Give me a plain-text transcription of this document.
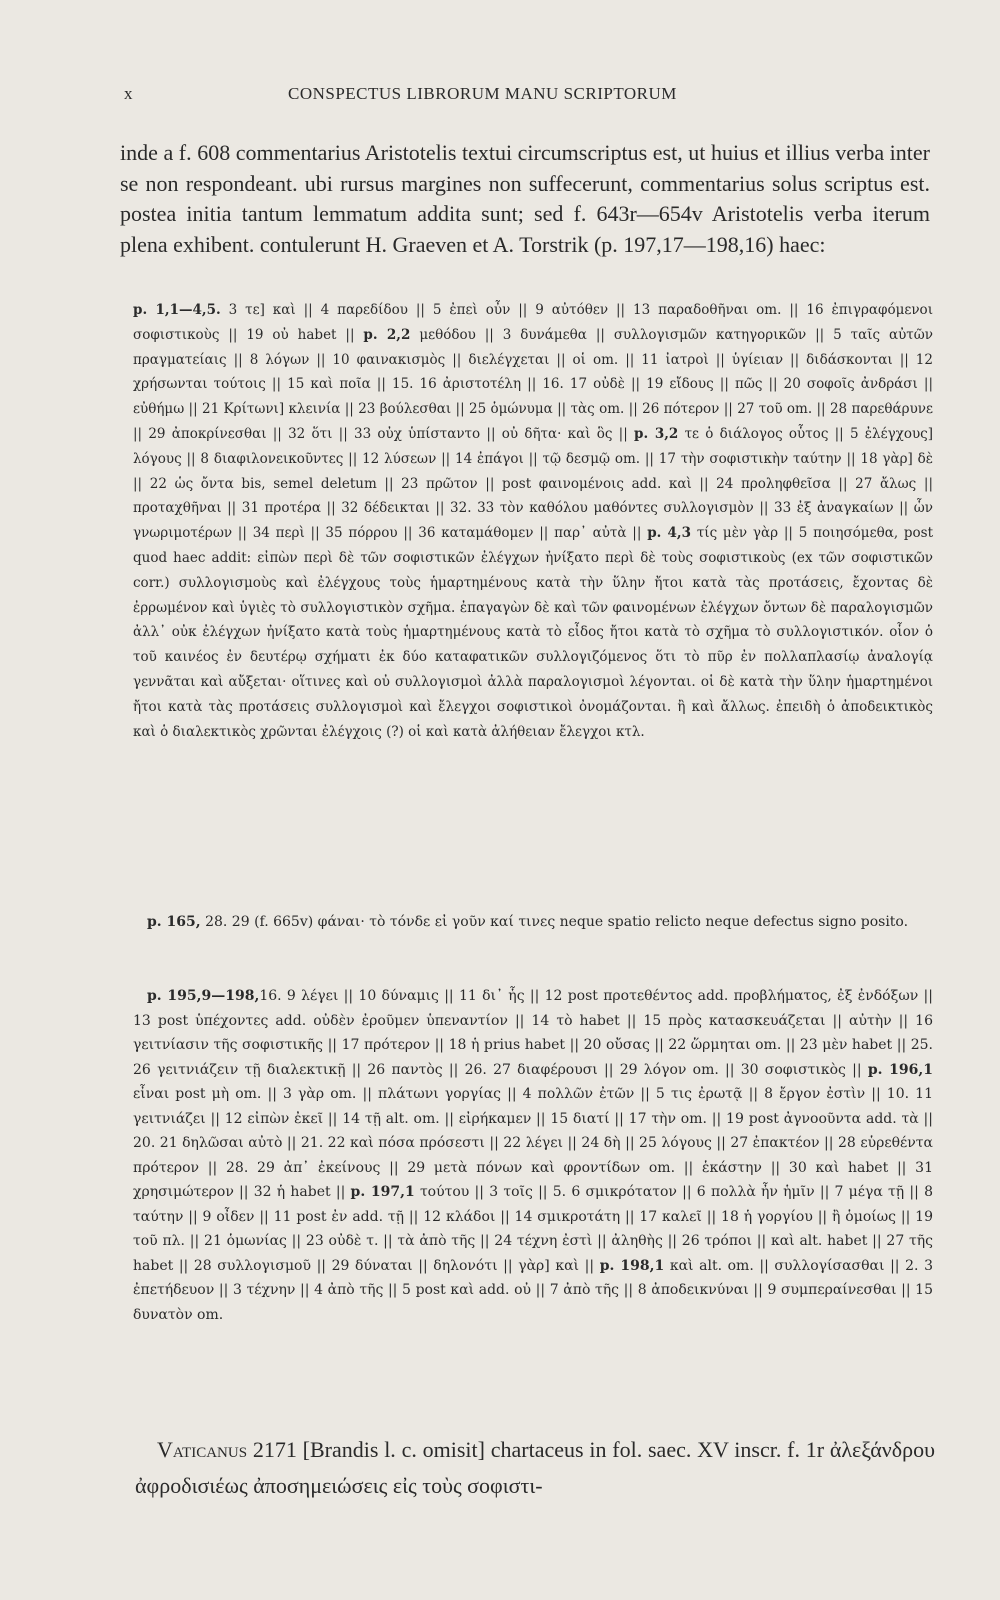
x	CONSPECTUS LIBRORUM MANU SCRIPTORUM
inde a f. 608 commentarius Aristotelis textui circumscriptus est, ut huius et illius verba inter se non respondeant. ubi rursus margines non suffecerunt, commentarius solus scriptus est. postea initia tantum lemmatum addita sunt; sed f. 643r—654v Aristotelis verba iterum plena exhibent. contulerunt H. Graeven et A. Torstrik (p. 197,17—198,16) haec:

p. 1,1—4,5. 3 τε] καὶ || 4 παρεδίδου || 5 ἐπεὶ οὖν || 9 αὐτόθεν || 13 παραδοθῆναι om. || 16 ἐπιγραφόμενοι σοφιστικοὺς || 19 οὐ habet || p. 2,2 μεθόδου || 3 δυνάμεθα || συλλογισμῶν κατηγορικῶν || 5 ταῖς αὐτῶν πραγματείαις || 8 λόγων || 10 φαινακισμὸς || διελέγχεται || οἱ om. || 11 ἰατροὶ || ὑγίειαν || διδάσκονται || 12 χρήσωνται τούτοις || 15 καὶ ποῖα || 15. 16 ἀριστοτέλη || 16. 17 οὐδὲ || 19 εἴδους || πῶς || 20 σοφοῖς ἀνδράσι || εὐθήμω || 21 Κρίτωνι] κλεινία || 23 βούλεσθαι || 25 ὁμώνυμα || τὰς om. || 26 πότερον || 27 τοῦ om. || 28 παρεθάρυνε || 29 ἀποκρίνεσθαι || 32 ὅτι || 33 οὐχ ὑπίσταντο || οὐ δῆτα· καὶ ὃς || p. 3,2 τε ὁ διάλογος οὗτος || 5 ἐλέγχους] λόγους || 8 διαφιλονεικοῦντες || 12 λύσεων || 14 ἐπάγοι || τῷ δεσμῷ om. || 17 τὴν σοφιστικὴν ταύτην || 18 γὰρ] δὲ || 22 ὡς ὄντα bis, semel deletum || 23 πρῶτον || post φαινομένοις add. καὶ || 24 προληφθεῖσα || 27 ἄλως || προταχθῆναι || 31 προτέρα || 32 δέδεικται || 32. 33 τὸν καθόλου μαθόντες συλλογισμὸν || 33 ἐξ ἀναγκαίων || ὧν γνωριμοτέρων || 34 περὶ || 35 πόρρου || 36 καταμάθομεν || παρ᾽ αὐτὰ || p. 4,3 τίς μὲν γὰρ || 5 ποιησόμεθα, post quod haec addit: εἰπὼν περὶ δὲ τῶν σοφιστικῶν ἐλέγχων ἠνίξατο περὶ δὲ τοὺς σοφιστικοὺς (ex τῶν σοφιστικῶν corr.) συλλογισμοὺς καὶ ἐλέγχους τοὺς ἡμαρτημένους κατὰ τὴν ὕλην ἤτοι κατὰ τὰς προτάσεις, ἔχοντας δὲ ἐρρωμένον καὶ ὑγιὲς τὸ συλλογιστικὸν σχῆμα. ἐπαγαγὼν δὲ καὶ τῶν φαινομένων ἐλέγχων ὄντων δὲ παραλογισμῶν ἀλλ᾽ οὐκ ἐλέγχων ἠνίξατο κατὰ τοὺς ἡμαρτημένους κατὰ τὸ εἶδος ἤτοι κατὰ τὸ σχῆμα τὸ συλλογιστικόν. οἷον ὁ τοῦ καινέος ἐν δευτέρῳ σχήματι ἐκ δύο καταφατικῶν συλλογιζόμενος ὅτι τὸ πῦρ ἐν πολλαπλασίῳ ἀναλογίᾳ γεννᾶται καὶ αὔξεται· οἵτινες καὶ οὐ συλλογισμοὶ ἀλλὰ παραλογισμοὶ λέγονται. οἱ δὲ κατὰ τὴν ὕλην ἡμαρτημένοι ἤτοι κατὰ τὰς προτάσεις συλλογισμοὶ καὶ ἔλεγχοι σοφιστικοὶ ὀνομάζονται. ἢ καὶ ἄλλως. ἐπειδὴ ὁ ἀποδεικτικὸς καὶ ὁ διαλεκτικὸς χρῶνται ἐλέγχοις (?) οἱ καὶ κατὰ ἀλήθειαν ἔλεγχοι κτλ.

 p. 165, 28. 29 (f. 665v) φάναι· τὸ τόνδε εἰ γοῦν καί τινες neque spatio relicto neque defectus signo posito.

 p. 195,9—198,16. 9 λέγει || 10 δύναμις || 11 δι᾽ ἧς || 12 post προτεθέντος add. προβλήματος, ἐξ ἐνδόξων || 13 post ὑπέχοντες add. οὐδὲν ἐροῦμεν ὑπεναντίον || 14 τὸ habet || 15 πρὸς κατασκευάζεται || αὐτὴν || 16 γειτνίασιν τῆς σοφιστικῆς || 17 πρότερον || 18 ἡ prius habet || 20 οὔσας || 22 ὥρμηται om. || 23 μὲν habet || 25. 26 γειτνιάζειν τῇ διαλεκτικῇ || 26 παντὸς || 26. 27 διαφέρουσι || 29 λόγον om. || 30 σοφιστικὸς || p. 196,1 εἶναι post μὴ om. || 3 γὰρ om. || πλάτωνι γοργίας || 4 πολλῶν ἐτῶν || 5 τις ἐρωτᾷ || 8 ἔργον ἐστὶν || 10. 11 γειτνιάζει || 12 εἰπὼν ἐκεῖ || 14 τῇ alt. om. || εἰρήκαμεν || 15 διατί || 17 τὴν om. || 19 post ἀγνοοῦντα add. τὰ || 20. 21 δηλῶσαι αὐτὸ || 21. 22 καὶ πόσα πρόσεστι || 22 λέγει || 24 δὴ || 25 λόγους || 27 ἐπακτέον || 28 εὑρεθέντα πρότερον || 28. 29 ἀπ᾽ ἐκείνους || 29 μετὰ πόνων καὶ φροντίδων om. || ἑκάστην || 30 καὶ habet || 31 χρησιμώτερον || 32 ἡ habet || p. 197,1 τούτου || 3 τοῖς || 5. 6 σμικρότατον || 6 πολλὰ ἦν ἡμῖν || 7 μέγα τῇ || 8 ταύτην || 9 οἶδεν || 11 post ἐν add. τῇ || 12 κλάδοι || 14 σμικροτάτη || 17 καλεῖ || 18 ἡ γοργίου || ἢ ὁμοίως || 19 τοῦ πλ. || 21 ὁμωνίας || 23 οὐδὲ τ. || τὰ ἀπὸ τῆς || 24 τέχνη ἐστὶ || ἀληθὴς || 26 τρόποι || καὶ alt. habet || 27 τῆς habet || 28 συλλογισμοῦ || 29 δύναται || δηλονότι || γὰρ] καὶ || p. 198,1 καὶ alt. om. || συλλογίσασθαι || 2. 3 ἐπετήδευον || 3 τέχνην || 4 ἀπὸ τῆς || 5 post καὶ add. οὐ || 7 ἀπὸ τῆς || 8 ἀποδεικνύναι || 9 συμπεραίνεσθαι || 15 δυνατὸν om.

 Vaticanus 2171 [Brandis l. c. omisit] chartaceus in fol. saec. XV inscr. f. 1r ἀλεξάνδρου ἀφροδισιέως ἀποσημειώσεις εἰς τοὺς σοφιστι-
